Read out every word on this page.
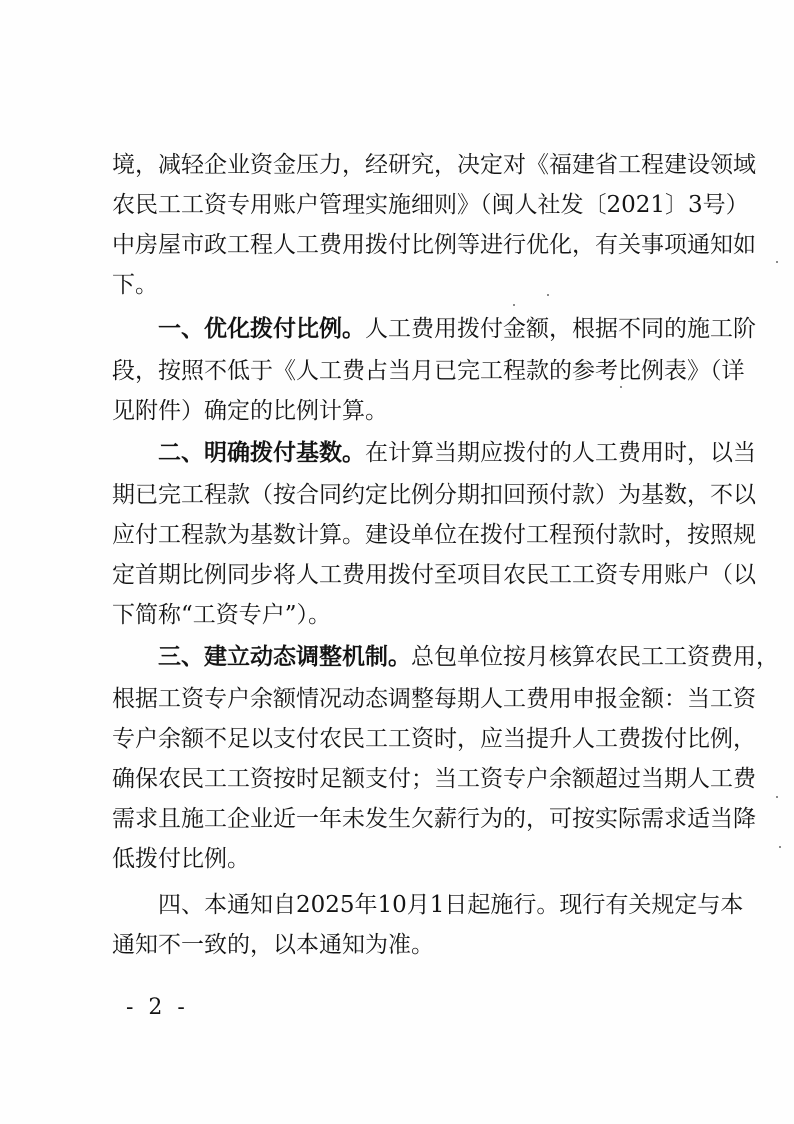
境，减轻企业资金压力，经研究，决定对《福建省工程建设领域
农民工工资专用账户管理实施细则》（闽人社发〔2021〕3号）
中房屋市政工程人工费用拨付比例等进行优化，有关事项通知如
下。
一、优化拨付比例。人工费用拨付金额，根据不同的施工阶
段，按照不低于《人工费占当月已完工程款的参考比例表》（详
见附件）确定的比例计算。
二、明确拨付基数。在计算当期应拨付的人工费用时，以当
期已完工程款（按合同约定比例分期扣回预付款）为基数，不以
应付工程款为基数计算。建设单位在拨付工程预付款时，按照规
定首期比例同步将人工费用拨付至项目农民工工资专用账户（以
下简称“工资专户”）。
三、建立动态调整机制。总包单位按月核算农民工工资费用，
根据工资专户余额情况动态调整每期人工费用申报金额：当工资
专户余额不足以支付农民工工资时，应当提升人工费拨付比例，
确保农民工工资按时足额支付；当工资专户余额超过当期人工费
需求且施工企业近一年未发生欠薪行为的，可按实际需求适当降
低拨付比例。
四、本通知自2025年10月1日起施行。现行有关规定与本
通知不一致的，以本通知为准。
- 2 -
